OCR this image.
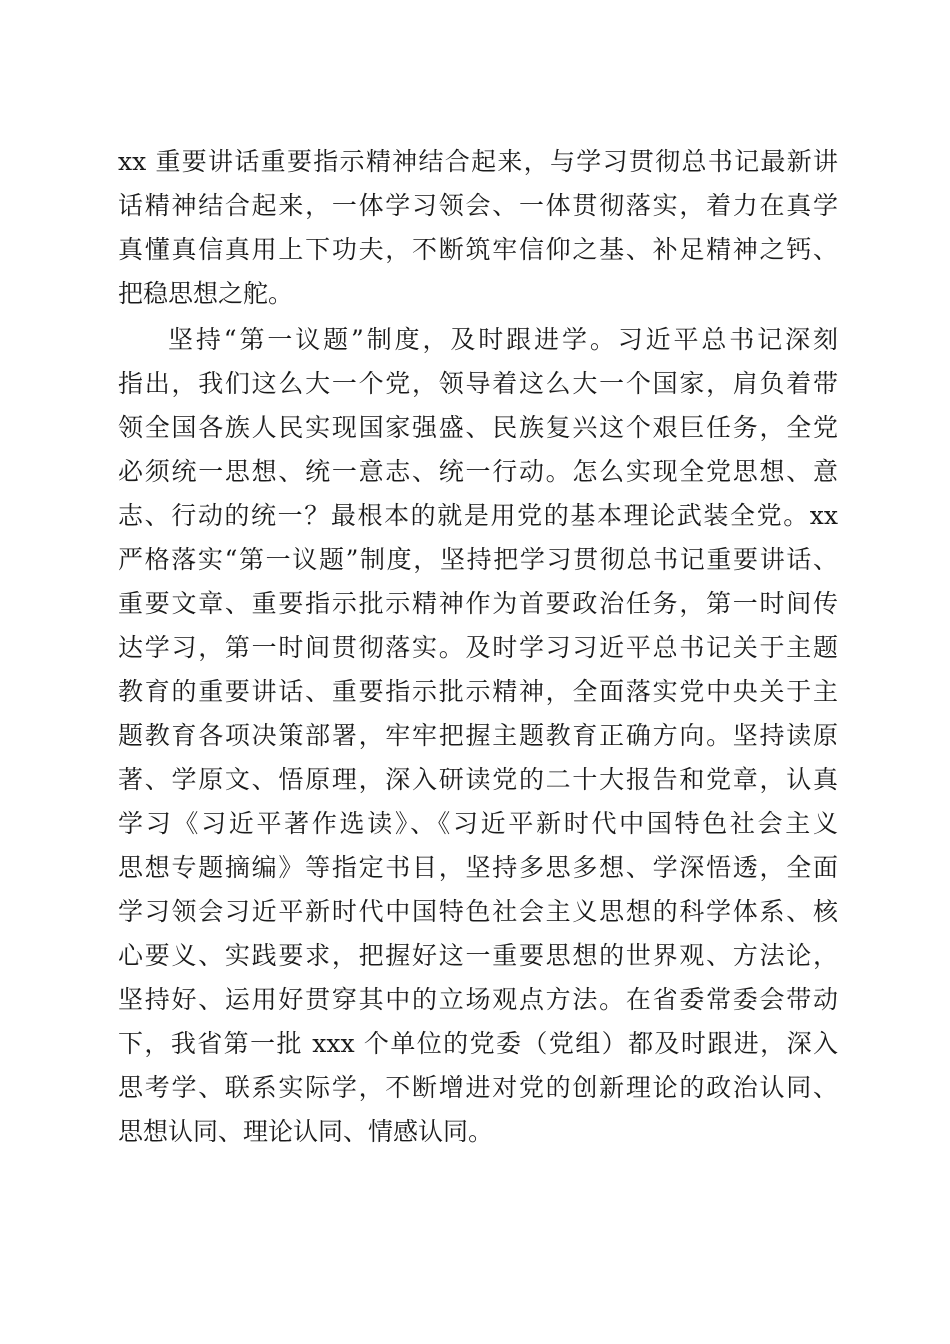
xx 重要讲话重要指示精神结合起来，与学习贯彻总书记最新讲
话精神结合起来，一体学习领会、一体贯彻落实，着力在真学
真懂真信真用上下功夫，不断筑牢信仰之基、补足精神之钙、
把稳思想之舵。
坚持“第一议题”制度，及时跟进学。习近平总书记深刻
指出，我们这么大一个党，领导着这么大一个国家，肩负着带
领全国各族人民实现国家强盛、民族复兴这个艰巨任务，全党
必须统一思想、统一意志、统一行动。怎么实现全党思想、意
志、行动的统一？最根本的就是用党的基本理论武装全党。xx
严格落实“第一议题”制度，坚持把学习贯彻总书记重要讲话、
重要文章、重要指示批示精神作为首要政治任务，第一时间传
达学习，第一时间贯彻落实。及时学习习近平总书记关于主题
教育的重要讲话、重要指示批示精神，全面落实党中央关于主
题教育各项决策部署，牢牢把握主题教育正确方向。坚持读原
著、学原文、悟原理，深入研读党的二十大报告和党章，认真
学习《习近平著作选读》、《习近平新时代中国特色社会主义
思想专题摘编》等指定书目，坚持多思多想、学深悟透，全面
学习领会习近平新时代中国特色社会主义思想的科学体系、核
心要义、实践要求，把握好这一重要思想的世界观、方法论，
坚持好、运用好贯穿其中的立场观点方法。在省委常委会带动
下，我省第一批 xxx 个单位的党委（党组）都及时跟进，深入
思考学、联系实际学，不断增进对党的创新理论的政治认同、
思想认同、理论认同、情感认同。
